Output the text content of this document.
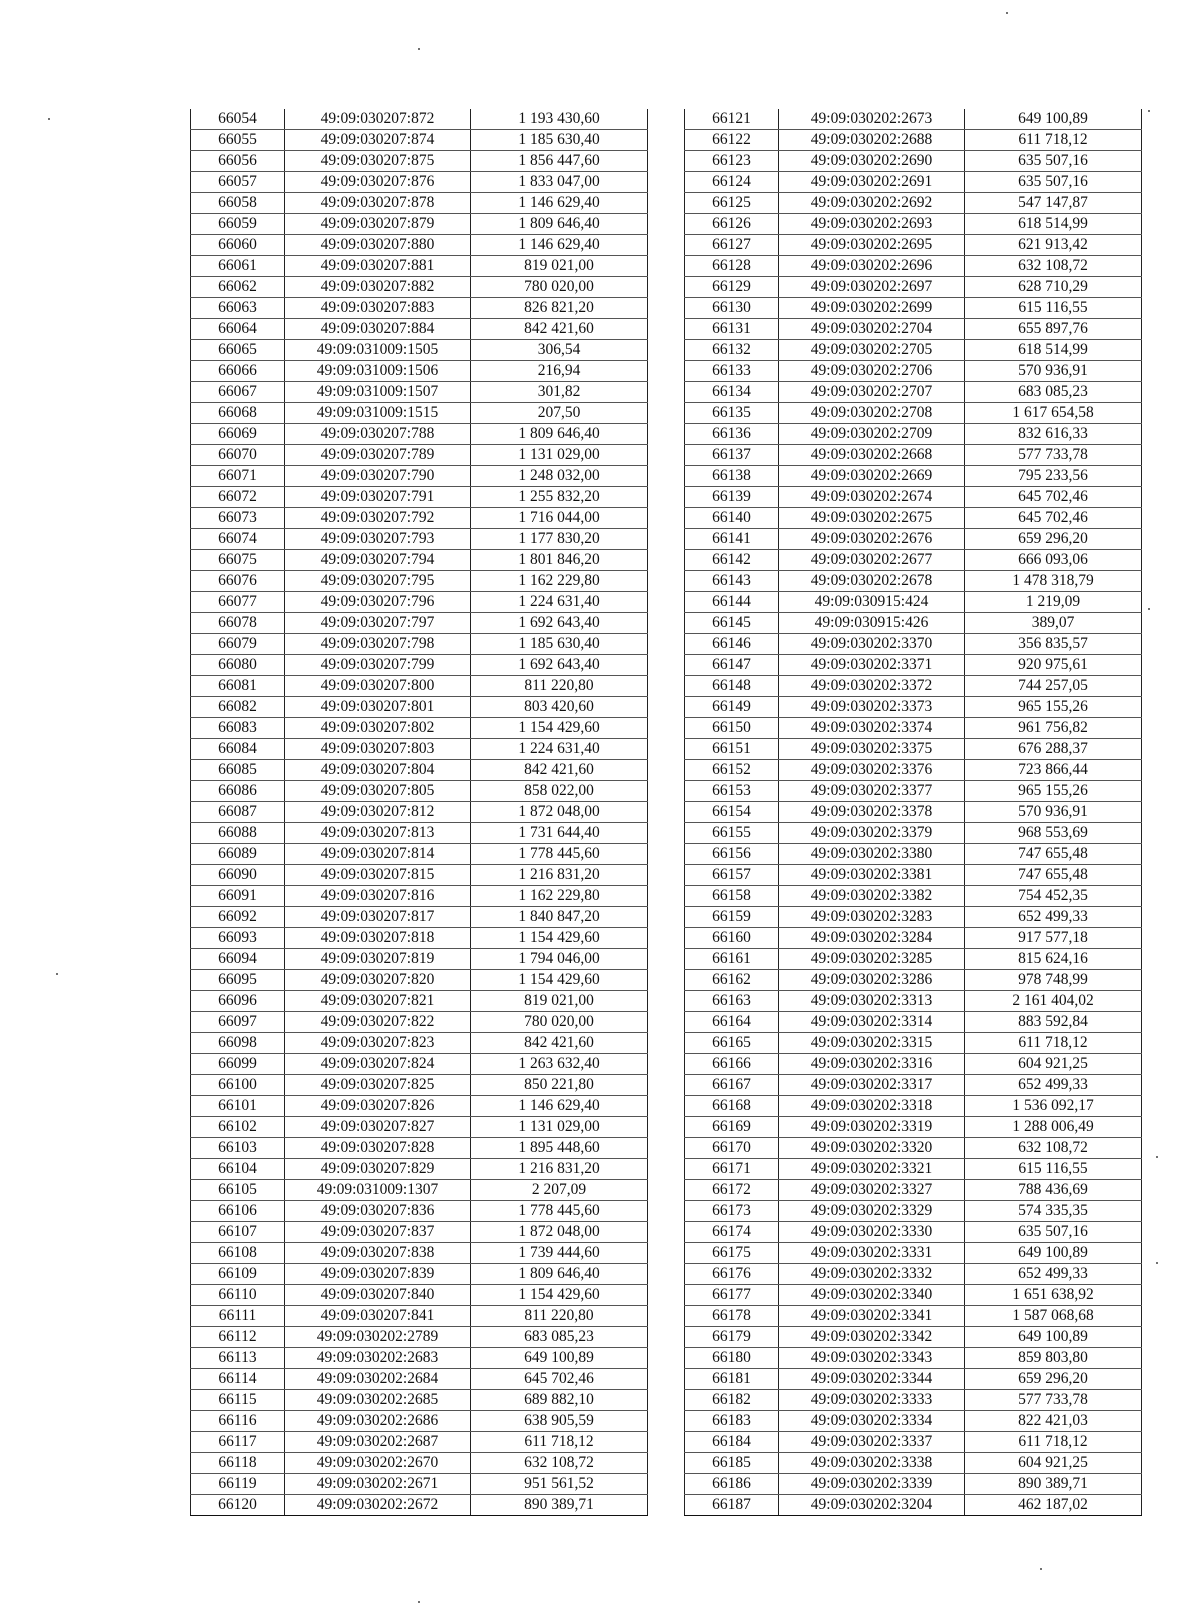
66054	49:09:030207:872	1 193 430,60
66055	49:09:030207:874	1 185 630,40
66056	49:09:030207:875	1 856 447,60
66057	49:09:030207:876	1 833 047,00
66058	49:09:030207:878	1 146 629,40
66059	49:09:030207:879	1 809 646,40
66060	49:09:030207:880	1 146 629,40
66061	49:09:030207:881	819 021,00
66062	49:09:030207:882	780 020,00
66063	49:09:030207:883	826 821,20
66064	49:09:030207:884	842 421,60
66065	49:09:031009:1505	306,54
66066	49:09:031009:1506	216,94
66067	49:09:031009:1507	301,82
66068	49:09:031009:1515	207,50
66069	49:09:030207:788	1 809 646,40
66070	49:09:030207:789	1 131 029,00
66071	49:09:030207:790	1 248 032,00
66072	49:09:030207:791	1 255 832,20
66073	49:09:030207:792	1 716 044,00
66074	49:09:030207:793	1 177 830,20
66075	49:09:030207:794	1 801 846,20
66076	49:09:030207:795	1 162 229,80
66077	49:09:030207:796	1 224 631,40
66078	49:09:030207:797	1 692 643,40
66079	49:09:030207:798	1 185 630,40
66080	49:09:030207:799	1 692 643,40
66081	49:09:030207:800	811 220,80
66082	49:09:030207:801	803 420,60
66083	49:09:030207:802	1 154 429,60
66084	49:09:030207:803	1 224 631,40
66085	49:09:030207:804	842 421,60
66086	49:09:030207:805	858 022,00
66087	49:09:030207:812	1 872 048,00
66088	49:09:030207:813	1 731 644,40
66089	49:09:030207:814	1 778 445,60
66090	49:09:030207:815	1 216 831,20
66091	49:09:030207:816	1 162 229,80
66092	49:09:030207:817	1 840 847,20
66093	49:09:030207:818	1 154 429,60
66094	49:09:030207:819	1 794 046,00
66095	49:09:030207:820	1 154 429,60
66096	49:09:030207:821	819 021,00
66097	49:09:030207:822	780 020,00
66098	49:09:030207:823	842 421,60
66099	49:09:030207:824	1 263 632,40
66100	49:09:030207:825	850 221,80
66101	49:09:030207:826	1 146 629,40
66102	49:09:030207:827	1 131 029,00
66103	49:09:030207:828	1 895 448,60
66104	49:09:030207:829	1 216 831,20
66105	49:09:031009:1307	2 207,09
66106	49:09:030207:836	1 778 445,60
66107	49:09:030207:837	1 872 048,00
66108	49:09:030207:838	1 739 444,60
66109	49:09:030207:839	1 809 646,40
66110	49:09:030207:840	1 154 429,60
66111	49:09:030207:841	811 220,80
66112	49:09:030202:2789	683 085,23
66113	49:09:030202:2683	649 100,89
66114	49:09:030202:2684	645 702,46
66115	49:09:030202:2685	689 882,10
66116	49:09:030202:2686	638 905,59
66117	49:09:030202:2687	611 718,12
66118	49:09:030202:2670	632 108,72
66119	49:09:030202:2671	951 561,52
66120	49:09:030202:2672	890 389,71
66121	49:09:030202:2673	649 100,89
66122	49:09:030202:2688	611 718,12
66123	49:09:030202:2690	635 507,16
66124	49:09:030202:2691	635 507,16
66125	49:09:030202:2692	547 147,87
66126	49:09:030202:2693	618 514,99
66127	49:09:030202:2695	621 913,42
66128	49:09:030202:2696	632 108,72
66129	49:09:030202:2697	628 710,29
66130	49:09:030202:2699	615 116,55
66131	49:09:030202:2704	655 897,76
66132	49:09:030202:2705	618 514,99
66133	49:09:030202:2706	570 936,91
66134	49:09:030202:2707	683 085,23
66135	49:09:030202:2708	1 617 654,58
66136	49:09:030202:2709	832 616,33
66137	49:09:030202:2668	577 733,78
66138	49:09:030202:2669	795 233,56
66139	49:09:030202:2674	645 702,46
66140	49:09:030202:2675	645 702,46
66141	49:09:030202:2676	659 296,20
66142	49:09:030202:2677	666 093,06
66143	49:09:030202:2678	1 478 318,79
66144	49:09:030915:424	1 219,09
66145	49:09:030915:426	389,07
66146	49:09:030202:3370	356 835,57
66147	49:09:030202:3371	920 975,61
66148	49:09:030202:3372	744 257,05
66149	49:09:030202:3373	965 155,26
66150	49:09:030202:3374	961 756,82
66151	49:09:030202:3375	676 288,37
66152	49:09:030202:3376	723 866,44
66153	49:09:030202:3377	965 155,26
66154	49:09:030202:3378	570 936,91
66155	49:09:030202:3379	968 553,69
66156	49:09:030202:3380	747 655,48
66157	49:09:030202:3381	747 655,48
66158	49:09:030202:3382	754 452,35
66159	49:09:030202:3283	652 499,33
66160	49:09:030202:3284	917 577,18
66161	49:09:030202:3285	815 624,16
66162	49:09:030202:3286	978 748,99
66163	49:09:030202:3313	2 161 404,02
66164	49:09:030202:3314	883 592,84
66165	49:09:030202:3315	611 718,12
66166	49:09:030202:3316	604 921,25
66167	49:09:030202:3317	652 499,33
66168	49:09:030202:3318	1 536 092,17
66169	49:09:030202:3319	1 288 006,49
66170	49:09:030202:3320	632 108,72
66171	49:09:030202:3321	615 116,55
66172	49:09:030202:3327	788 436,69
66173	49:09:030202:3329	574 335,35
66174	49:09:030202:3330	635 507,16
66175	49:09:030202:3331	649 100,89
66176	49:09:030202:3332	652 499,33
66177	49:09:030202:3340	1 651 638,92
66178	49:09:030202:3341	1 587 068,68
66179	49:09:030202:3342	649 100,89
66180	49:09:030202:3343	859 803,80
66181	49:09:030202:3344	659 296,20
66182	49:09:030202:3333	577 733,78
66183	49:09:030202:3334	822 421,03
66184	49:09:030202:3337	611 718,12
66185	49:09:030202:3338	604 921,25
66186	49:09:030202:3339	890 389,71
66187	49:09:030202:3204	462 187,02
